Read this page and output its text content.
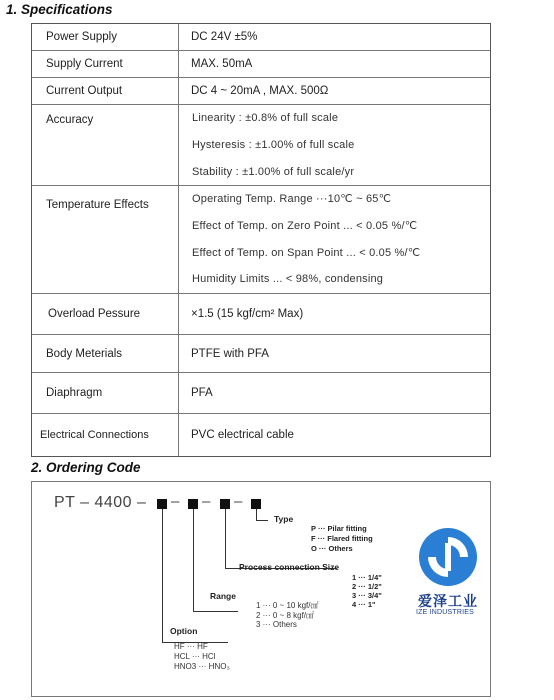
1. Specifications
Power Supply	DC 24V ±5%
Supply Current	MAX. 50mA
Current Output	DC 4 ~ 20mA , MAX. 500Ω
Accuracy	Linearity : ±0.8% of full scale
Hysteresis : ±1.00% of full scale
Stability : ±1.00% of full scale/yr
Temperature Effects	Operating Temp. Range ···10℃ ~ 65℃
Effect of Temp. on Zero Point ... < 0.05 %/℃
Effect of Temp. on Span Point ... < 0.05 %/℃
Humidity Limits ... < 98%, condensing
Overload Pessure	×1.5 (15 kgf/cm² Max)
Body Meterials	PTFE with PFA
Diaphragm	PFA
Electrical Connections	PVC electrical cable
2. Ordering Code
PT – 4400 – – – –
Type
P ··· Pilar fitting
F ··· Flared fitting
O ··· Others
Process connection Size
1 ··· 1/4"
2 ··· 1/2"
3 ··· 3/4"
4 ··· 1"
Range
1 ··· 0 ~ 10 kgf/㎠
2 ··· 0 ~ 8 kgf/㎠
3 ··· Others
Option
HF ··· HF
HCL ··· HCl
HNO3 ··· HNO₃
爱泽工业
IZE INDUSTRIES
